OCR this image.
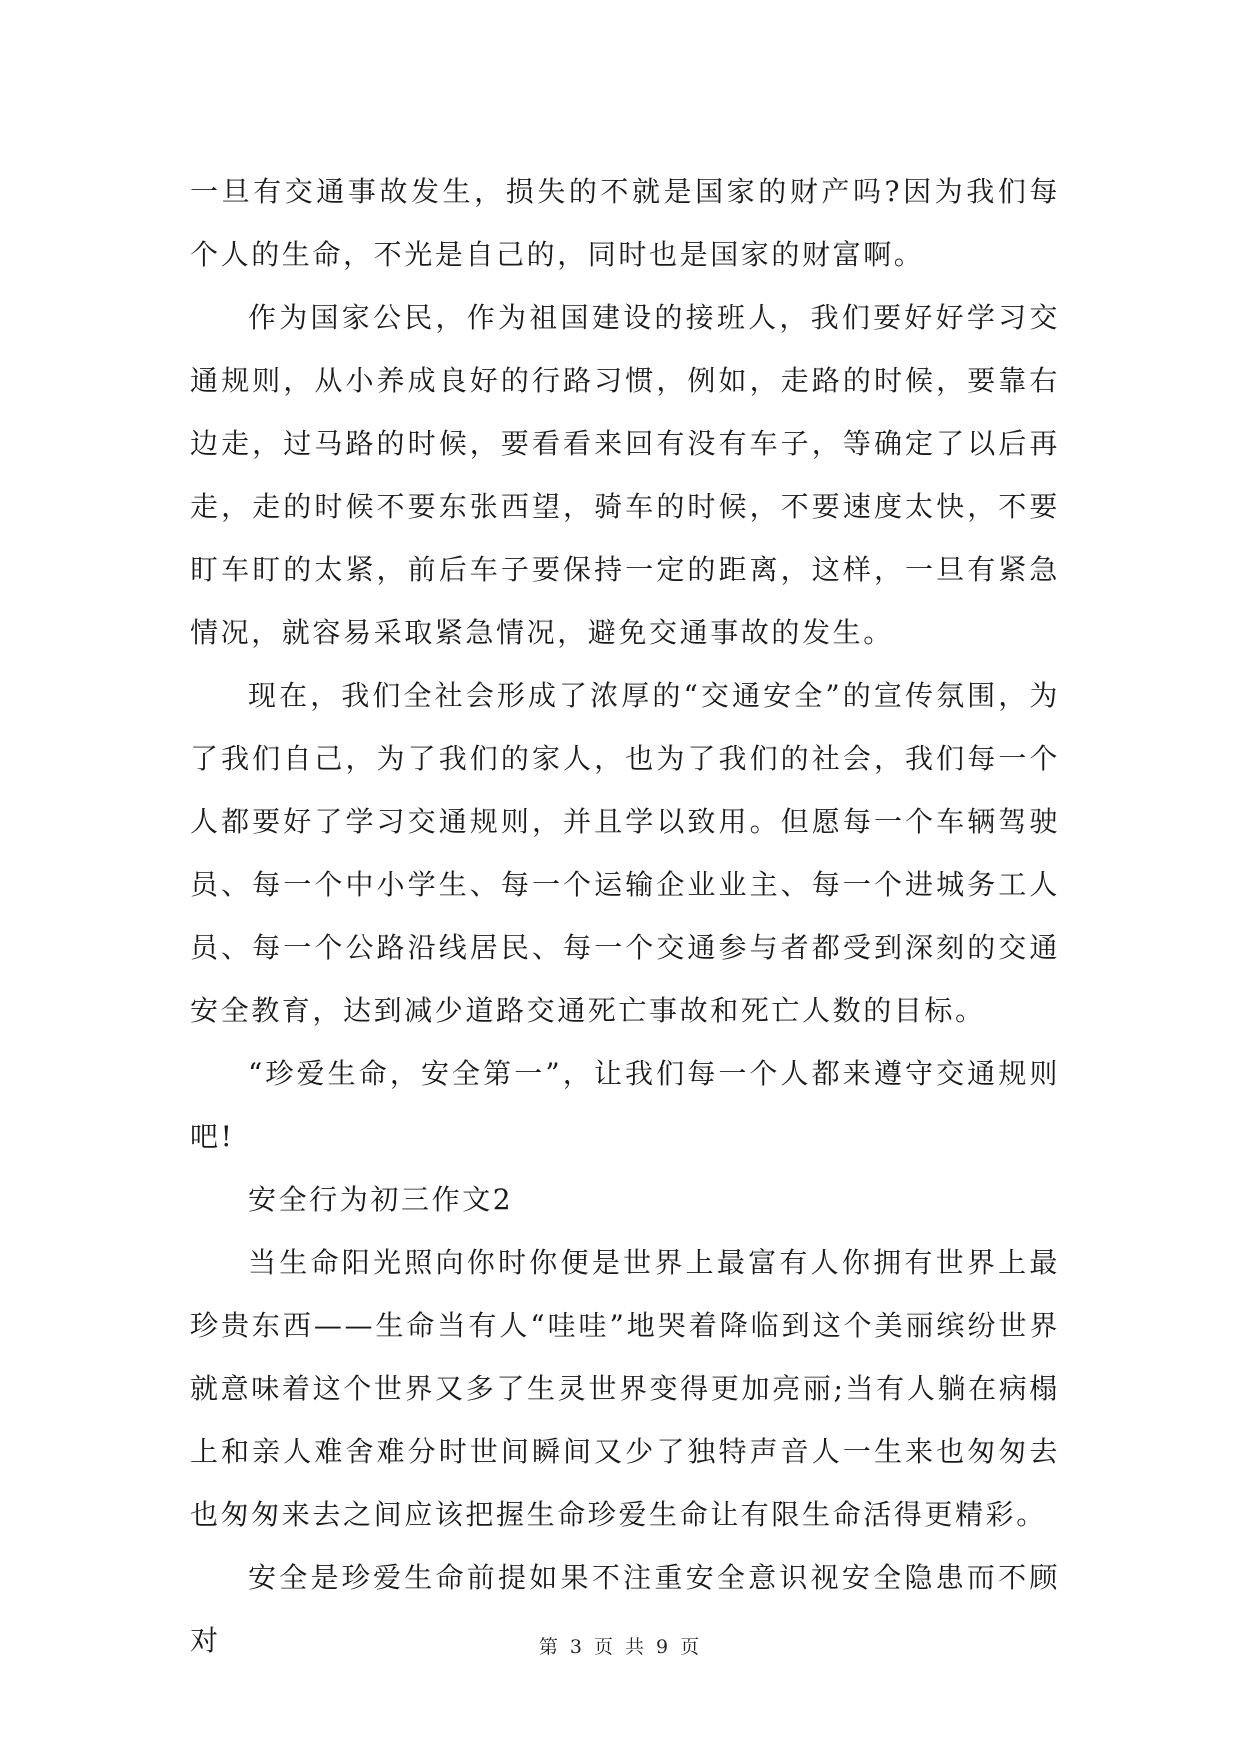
一旦有交通事故发生，损失的不就是国家的财产吗?因为我们每个人的生命，不光是自己的，同时也是国家的财富啊。

作为国家公民，作为祖国建设的接班人，我们要好好学习交通规则，从小养成良好的行路习惯，例如，走路的时候，要靠右边走，过马路的时候，要看看来回有没有车子，等确定了以后再走，走的时候不要东张西望，骑车的时候，不要速度太快，不要盯车盯的太紧，前后车子要保持一定的距离，这样，一旦有紧急情况，就容易采取紧急情况，避免交通事故的发生。

现在，我们全社会形成了浓厚的“交通安全”的宣传氛围，为了我们自己，为了我们的家人，也为了我们的社会，我们每一个人都要好了学习交通规则，并且学以致用。但愿每一个车辆驾驶员、每一个中小学生、每一个运输企业业主、每一个进城务工人员、每一个公路沿线居民、每一个交通参与者都受到深刻的交通安全教育，达到减少道路交通死亡事故和死亡人数的目标。

“珍爱生命，安全第一”，让我们每一个人都来遵守交通规则吧!

安全行为初三作文2

当生命阳光照向你时你便是世界上最富有人你拥有世界上最珍贵东西——生命当有人“哇哇”地哭着降临到这个美丽缤纷世界就意味着这个世界又多了生灵世界变得更加亮丽;当有人躺在病榻上和亲人难舍难分时世间瞬间又少了独特声音人一生来也匆匆去也匆匆来去之间应该把握生命珍爱生命让有限生命活得更精彩。

安全是珍爱生命前提如果不注重安全意识视安全隐患而不顾对	第 3 页 共 9 页
